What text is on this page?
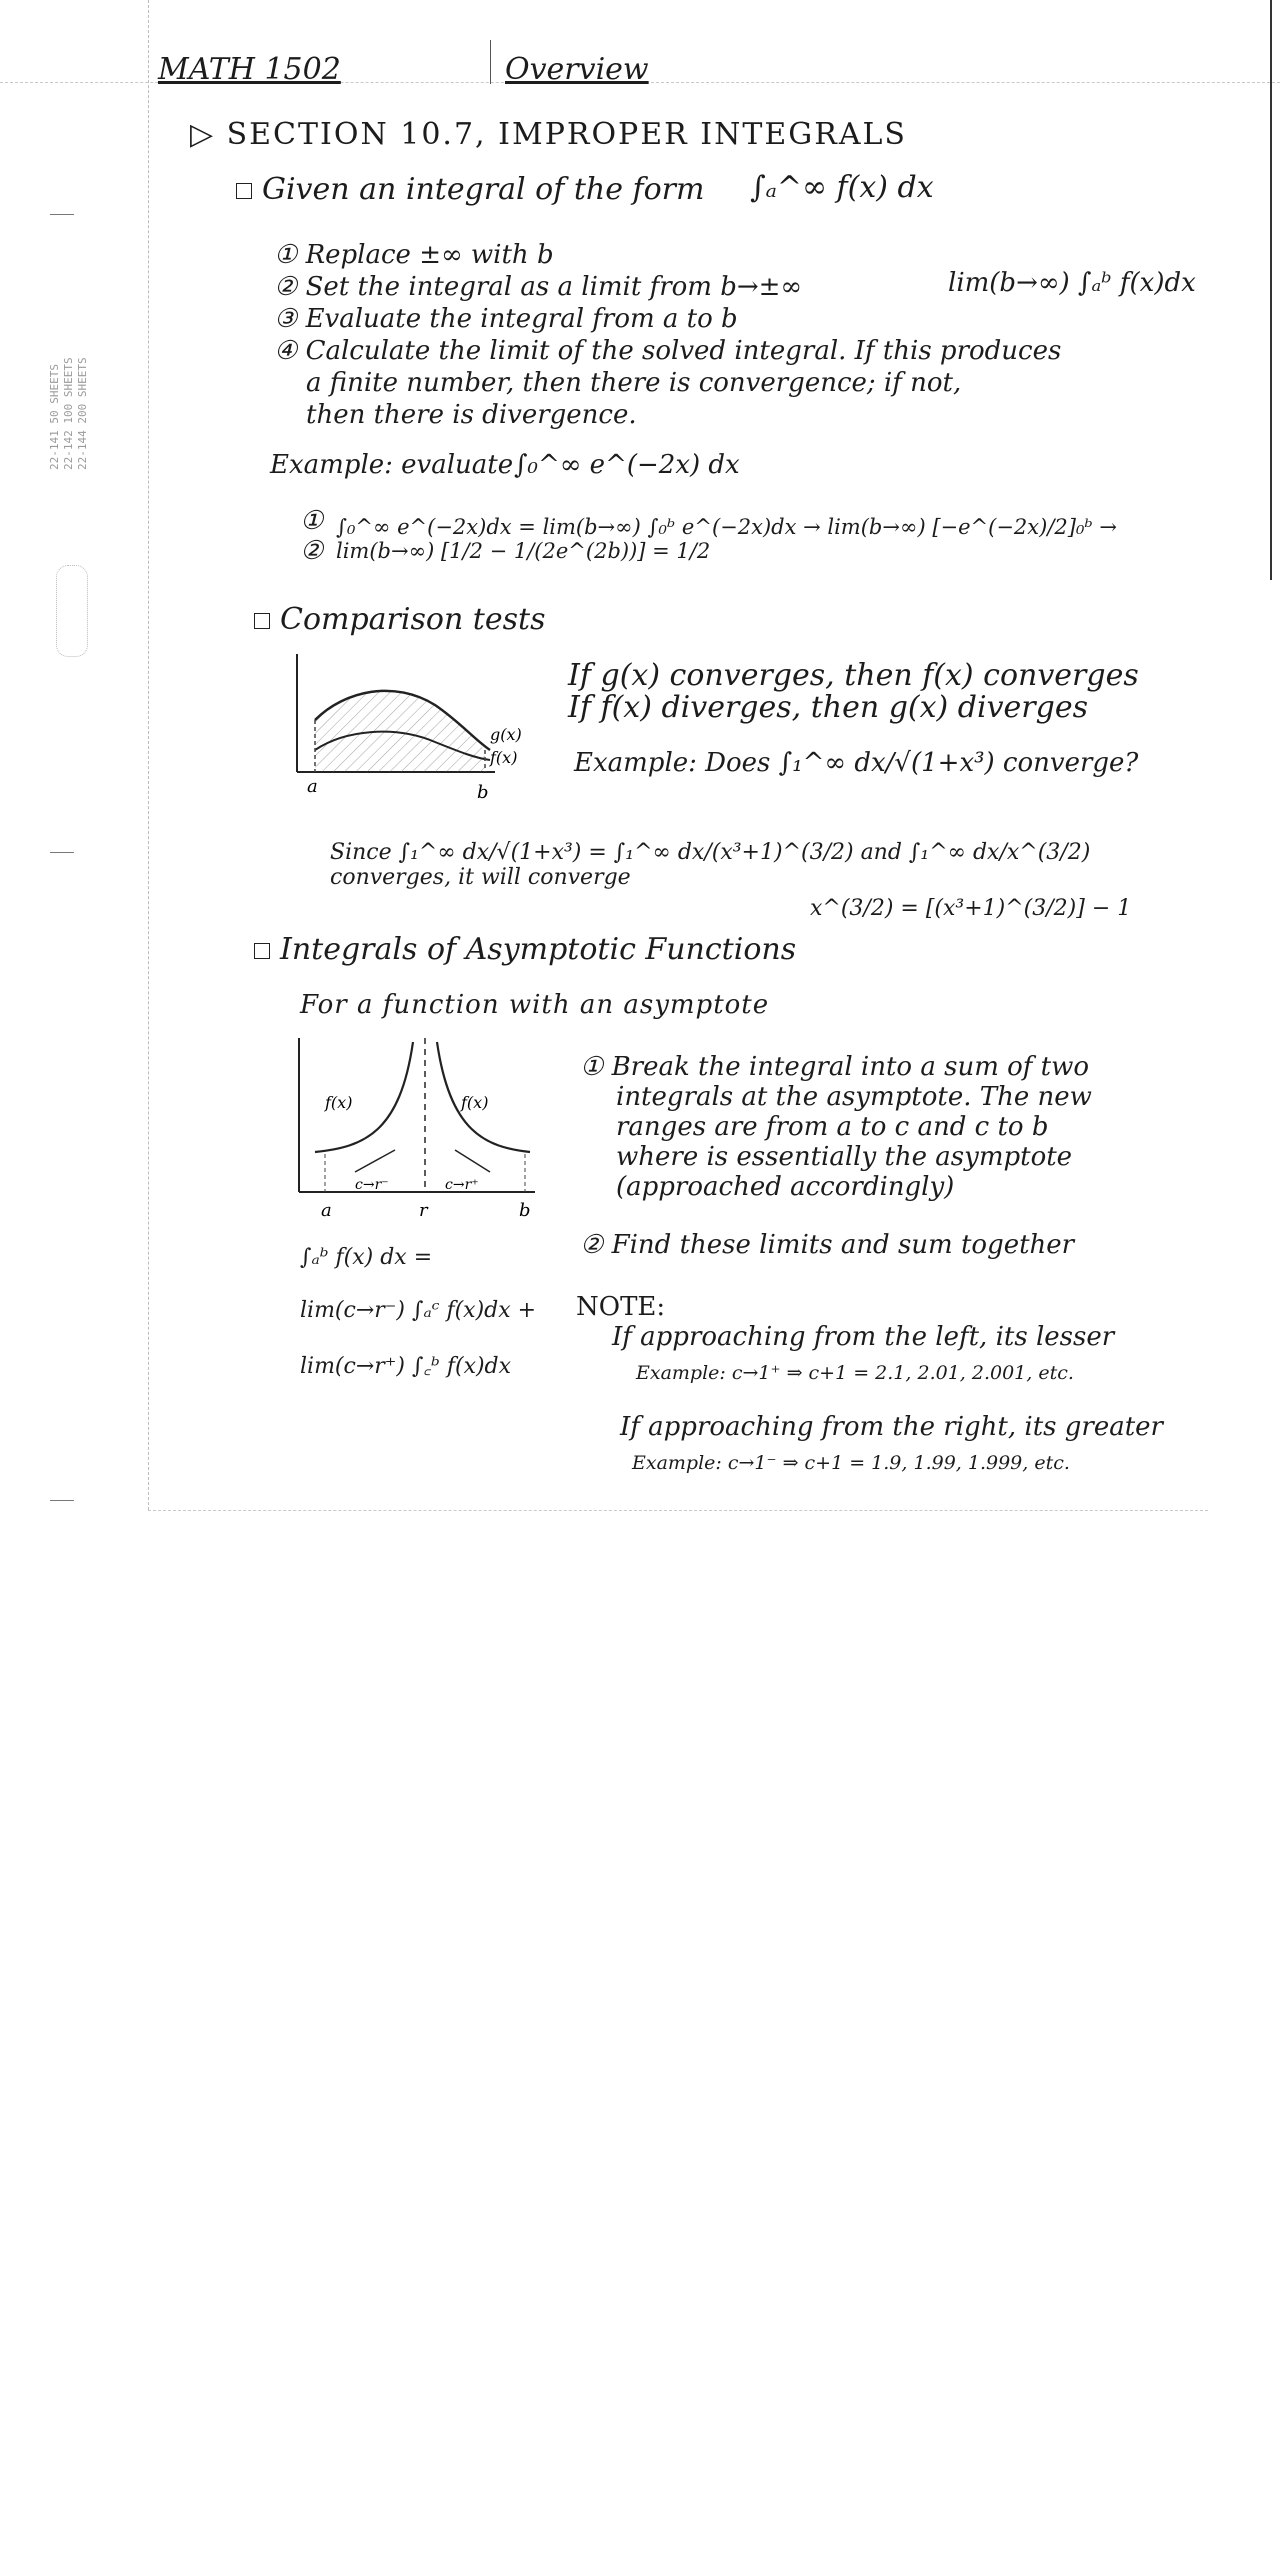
22-141 50 SHEETS 22-142 100 SHEETS 22-144 200 SHEETS
MATH 1502	Overview
▷ SECTION 10.7, IMPROPER INTEGRALS
Given an integral of the form ∫ₐ^∞ f(x) dx
① Replace ±∞ with b
② Set the integral as a limit from b→±∞	lim(b→∞) ∫ₐᵇ f(x)dx
③ Evaluate the integral from a to b
④ Calculate the limit of the solved integral. If this produces
a finite number, then there is convergence; if not,
then there is divergence.
Example: evaluate ∫₀^∞ e^(−2x) dx
①
②
∫₀^∞ e^(−2x)dx = lim(b→∞) ∫₀ᵇ e^(−2x)dx → lim(b→∞) [−e^(−2x)/2]₀ᵇ → lim(b→∞) [1/2 − 1/(2e^(2b))] = 1/2
Comparison tests
g(x)
f(x)
a	b
If g(x) converges, then f(x) converges
If f(x) diverges, then g(x) diverges
Example: Does ∫₁^∞ dx/√(1+x³) converge?
Since ∫₁^∞ dx/√(1+x³) = ∫₁^∞ dx/(x³+1)^(3/2) and ∫₁^∞ dx/x^(3/2) converges, it will converge
x^(3/2) = [(x³+1)^(3/2)] − 1
Integrals of Asymptotic Functions
For a function with an asymptote
f(x)	f(x)
c→r⁻	c→r⁺
a	r	b
① Break the integral into a sum of two
integrals at the asymptote. The new
ranges are from a to c and c to b
where is essentially the asymptote
(approached accordingly)
② Find these limits and sum together
∫ₐᵇ f(x) dx =
lim(c→r⁻) ∫ₐᶜ f(x)dx +
lim(c→r⁺) ∫꜀ᵇ f(x)dx
NOTE:
If approaching from the left, its lesser
Example: c→1⁺ ⇒ c+1 = 2.1, 2.01, 2.001, etc.
If approaching from the right, its greater
Example: c→1⁻ ⇒ c+1 = 1.9, 1.99, 1.999, etc.
